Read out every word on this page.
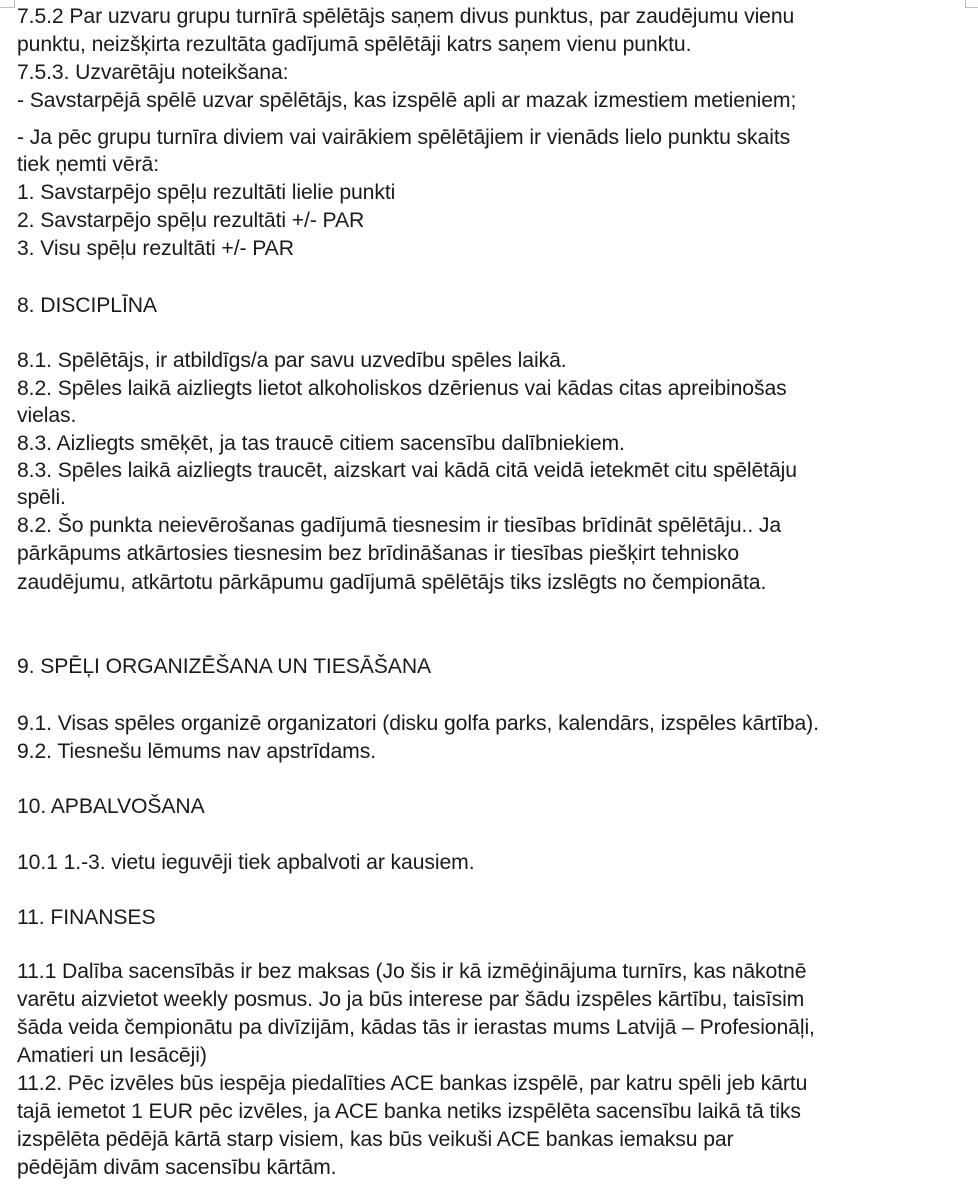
7.5.2 Par uzvaru grupu turnīrā spēlētājs saņem divus punktus, par zaudējumu vienu
punktu, neizšķirta rezultāta gadījumā spēlētāji katrs saņem vienu punktu.
7.5.3. Uzvarētāju noteikšana:
- Savstarpējā spēlē uzvar spēlētājs, kas izspēlē apli ar mazak izmestiem metieniem;
- Ja pēc grupu turnīra diviem vai vairākiem spēlētājiem ir vienāds lielo punktu skaits
tiek ņemti vērā:
1. Savstarpējo spēļu rezultāti lielie punkti
2. Savstarpējo spēļu rezultāti +/- PAR
3. Visu spēļu rezultāti +/- PAR
8. DISCIPLĪNA
8.1. Spēlētājs, ir atbildīgs/a par savu uzvedību spēles laikā.
8.2. Spēles laikā aizliegts lietot alkoholiskos dzērienus vai kādas citas apreibinošas
vielas.
8.3. Aizliegts smēķēt, ja tas traucē citiem sacensību dalībniekiem.
8.3. Spēles laikā aizliegts traucēt, aizskart vai kādā citā veidā ietekmēt citu spēlētāju
spēli.
8.2. Šo punkta neievērošanas gadījumā tiesnesim ir tiesības brīdināt spēlētāju.. Ja
pārkāpums atkārtosies tiesnesim bez brīdināšanas ir tiesības piešķirt tehnisko
zaudējumu, atkārtotu pārkāpumu gadījumā spēlētājs tiks izslēgts no čempionāta.
9. SPĒĻI ORGANIZĒŠANA UN TIESĀŠANA
9.1. Visas spēles organizē organizatori (disku golfa parks, kalendārs, izspēles kārtība).
9.2. Tiesnešu lēmums nav apstrīdams.
10. APBALVOŠANA
10.1 1.-3. vietu ieguvēji tiek apbalvoti ar kausiem.
11. FINANSES
11.1 Dalība sacensībās ir bez maksas (Jo šis ir kā izmēģinājuma turnīrs, kas nākotnē
varētu aizvietot weekly posmus. Jo ja būs interese par šādu izspēles kārtību, taisīsim
šāda veida čempionātu pa divīzijām, kādas tās ir ierastas mums Latvijā – Profesionāļi,
Amatieri un Iesācēji)
11.2. Pēc izvēles būs iespēja piedalīties ACE bankas izspēlē, par katru spēli jeb kārtu
tajā iemetot 1 EUR pēc izvēles, ja ACE banka netiks izspēlēta sacensību laikā tā tiks
izspēlēta pēdējā kārtā starp visiem, kas būs veikuši ACE bankas iemaksu par
pēdējām divām sacensību kārtām.
